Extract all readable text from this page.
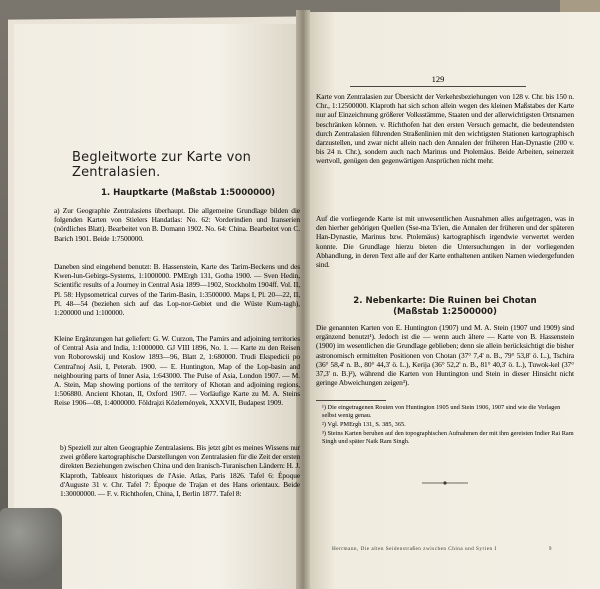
Begleitworte zur Karte von Zentralasien.
1. Hauptkarte (Maßstab 1:5000000)
a) Zur Geographie Zentralasiens überhaupt. Die allgemeine Grundlage bilden die folgenden Karten von Stielers Handatlas: No. 62: Vorderindien und Iranserien (nördliches Blatt). Bearbeitet von B. Domann 1902. No. 64: China. Bearbeitet von C. Barich 1901. Beide 1:7500000.
Daneben sind eingehend benutzt: B. Hassenstein, Karte des Tarim-Beckens und des Kwen-lun-Gebirgs-Systems, 1:1000000. PMErgh 131, Gotha 1900. — Sven Hedin, Scientific results of a Journey in Central Asia 1899—1902, Stockholm 1904ff. Vol. II, Pl. 58: Hypsometrical curves of the Tarim-Basin, 1:3500000. Maps I, Pl. 20—22, II, Pl. 48—54 (beziehen sich auf das Lop-nor-Gebiet und die Wüste Kum-tagh), 1:200000 und 1:100000.
Kleine Ergänzungen hat geliefert: G. W. Curzon, The Pamirs and adjoining territories of Central Asia and India, 1:1000000. GJ VIII 1896, No. 1. — Karte zu den Reisen von Roborowskij und Koslow 1893—96, Blatt 2, 1:680000. Trudi Ekspedicii po Central'noj Asii, I, Peterab. 1900. — E. Huntington, Map of the Lop-basin and neighbouring parts of Inner Asia, 1:643000. The Pulse of Asia, London 1907. — M. A. Stein, Map showing portions of the territory of Khotan and adjoining regions, 1:506880. Ancient Khotan, II, Oxford 1907. — Vorläufige Karte zu M. A. Steins Reise 1906—08, 1:4000000. Földrajzi Közlemények, XXXVII, Budapest 1909.
b) Speziell zur alten Geographie Zentralasiens. Bis jetzt gibt es meines Wissens nur zwei größere kartographische Darstellungen von Zentralasien für die Zeit der ersten direkten Beziehungen zwischen China und den Iranisch-Turanischen Ländern: H. J. Klaproth, Tableaux historiques de l'Asie. Atlas, Paris 1826. Tafel 6: Époque d'Auguste 31 v. Chr. Tafel 7: Époque de Trajan et des Hans orientaux. Beide 1:30000000. — F. v. Richthofen, China, I, Berlin 1877. Tafel 8:
129
Karte von Zentralasien zur Übersicht der Verkehrsbeziehungen von 128 v. Chr. bis 150 n. Chr., 1:12500000. Klaproth hat sich schon allein wegen des kleinen Maßstabes der Karte nur auf Einzeichnung größerer Volksstämme, Staaten und der allerwichtigsten Ortsnamen beschränken können. v. Richthofen hat den ersten Versuch gemacht, die bedeutendsten durch Zentralasien führenden Straßenlinien mit den wichtigsten Stationen kartographisch darzustellen, und zwar nicht allein nach den Annalen der früheren Han-Dynastie (200 v. bis 24 n. Chr.), sondern auch nach Marinus und Ptolemäus. Beide Arbeiten, seinerzeit wertvoll, genügen den gegenwärtigen Ansprüchen nicht mehr.
Auf die vorliegende Karte ist mit unwesentlichen Ausnahmen alles aufgetragen, was in den hierher gehörigen Quellen (Sse-ma Ts'ien, die Annalen der früheren und der späteren Han-Dynastie, Marinus bzw. Ptolemäus) kartographisch irgendwie verwertet werden konnte. Die Grundlage hierzu bieten die Untersuchungen in der vorliegenden Abhandlung, in deren Text alle auf der Karte enthaltenen antiken Namen wiedergefunden sind.
2. Nebenkarte: Die Ruinen bei Chotan
(Maßstab 1:2500000)
Die genannten Karten von E. Huntington (1907) und M. A. Stein (1907 und 1909) sind ergänzend benutzt¹). Jedoch ist die — wenn auch ältere — Karte von B. Hassenstein (1900) im wesentlichen die Grundlage geblieben; denn sie allein berücksichtigt die bisher astronomisch ermittelten Positionen von Chotan (37° 7,4' n. B., 79° 53,8' ö. L.), Tschira (36° 58,4' n. B., 80° 44,3' ö. L.), Kerija (36° 52,2' n. B., 81° 40,3' ö. L.), Tuwok-kel (37° 37,3' n. B.)²), während die Karten von Huntington und Stein in dieser Hinsicht nicht geringe Abweichungen zeigen³).
¹) Die eingetragenen Routen von Huntington 1905 und Stein 1906, 1907 sind wie die Vorlagen selbst wenig genau.
²) Vgl. PMErgh 131, S. 385, 365.
³) Steins Karten beruhen auf den topographischen Aufnahmen der mit ihm gereisten Indier Rai Ram Singh und später Naik Ram Singh.
Herrmann, Die alten Seidenstraßen zwischen China und Syrien I	9
